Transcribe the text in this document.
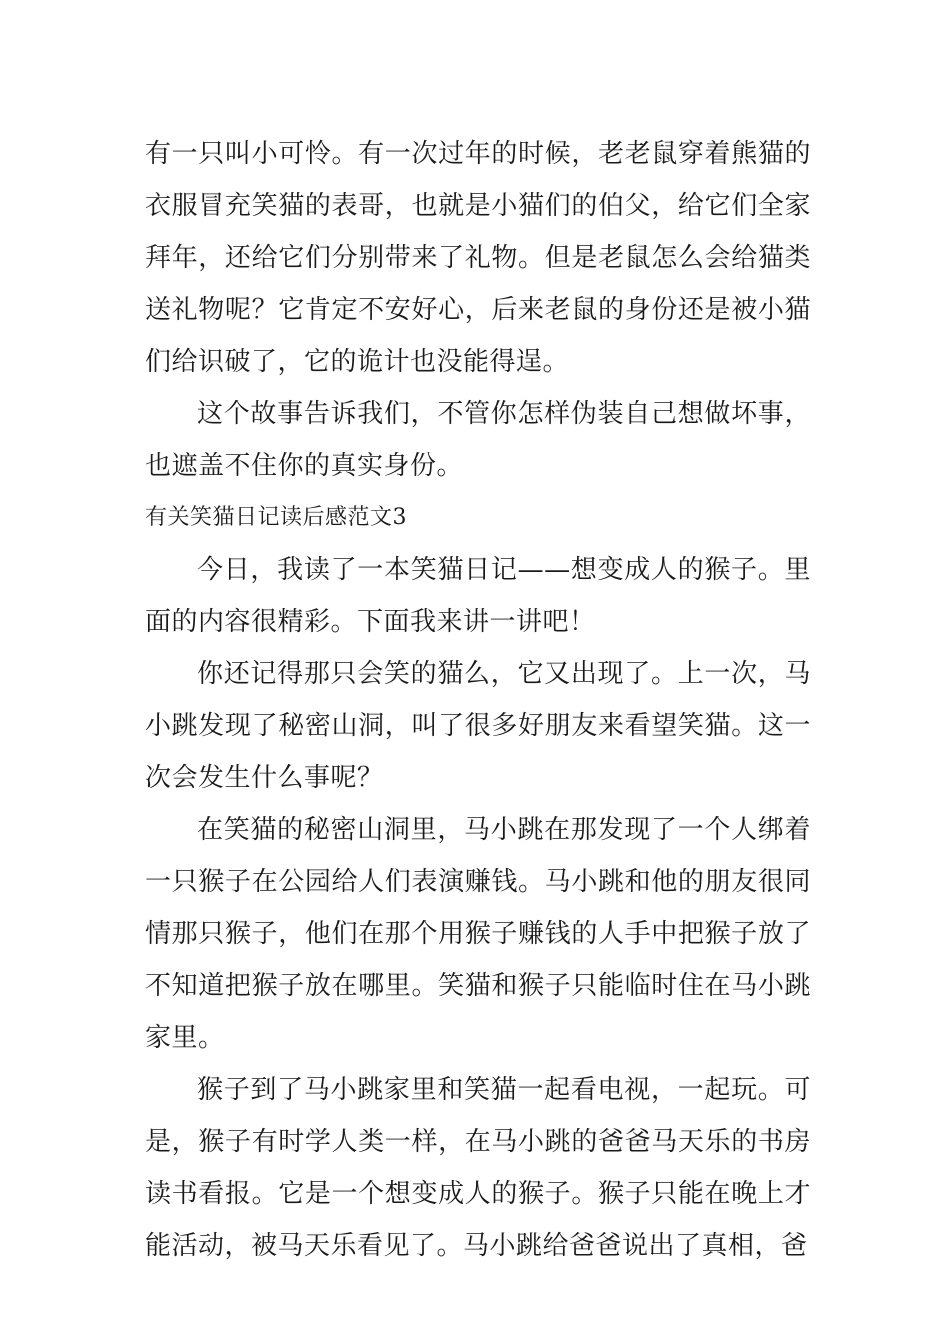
有一只叫小可怜。有一次过年的时候，老老鼠穿着熊猫的衣服冒充笑猫的表哥，也就是小猫们的伯父，给它们全家拜年，还给它们分别带来了礼物。但是老鼠怎么会给猫类送礼物呢？它肯定不安好心，后来老鼠的身份还是被小猫们给识破了，它的诡计也没能得逞。

这个故事告诉我们，不管你怎样伪装自己想做坏事，也遮盖不住你的真实身份。

有关笑猫日记读后感范文3

今日，我读了一本笑猫日记——想变成人的猴子。里面的内容很精彩。下面我来讲一讲吧！

你还记得那只会笑的猫么，它又出现了。上一次，马小跳发现了秘密山洞，叫了很多好朋友来看望笑猫。这一次会发生什么事呢？

在笑猫的秘密山洞里，马小跳在那发现了一个人绑着一只猴子在公园给人们表演赚钱。马小跳和他的朋友很同情那只猴子，他们在那个用猴子赚钱的人手中把猴子放了不知道把猴子放在哪里。笑猫和猴子只能临时住在马小跳家里。

猴子到了马小跳家里和笑猫一起看电视，一起玩。可是，猴子有时学人类一样，在马小跳的爸爸马天乐的书房读书看报。它是一个想变成人的猴子。猴子只能在晚上才能活动，被马天乐看见了。马小跳给爸爸说出了真相，爸
